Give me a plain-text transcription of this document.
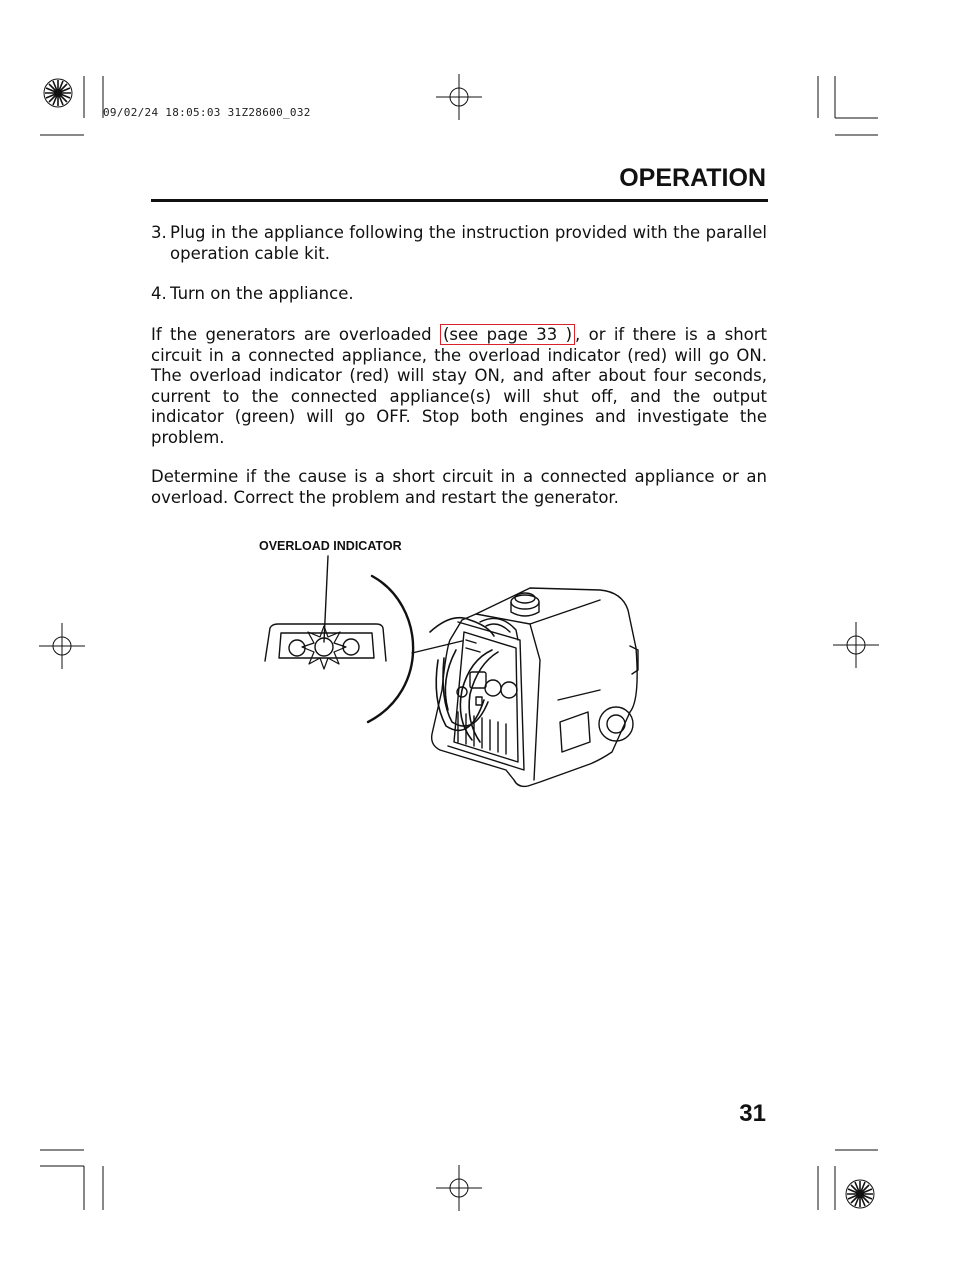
09/02/24 18:05:03 31Z28600_032
OPERATION
3. Plug in the appliance following the instruction provided with the parallel operation cable kit.
4. Turn on the appliance.
If the generators are overloaded (see page 33 ) , or if there is a short circuit in a connected appliance, the overload indicator (red) will go ON. The overload indicator (red) will stay ON, and after about four seconds, current to the connected appliance(s) will shut off, and the output indicator (green) will go OFF. Stop both engines and investigate the problem.
Determine if the cause is a short circuit in a connected appliance or an overload. Correct the problem and restart the generator.
OVERLOAD INDICATOR
31
